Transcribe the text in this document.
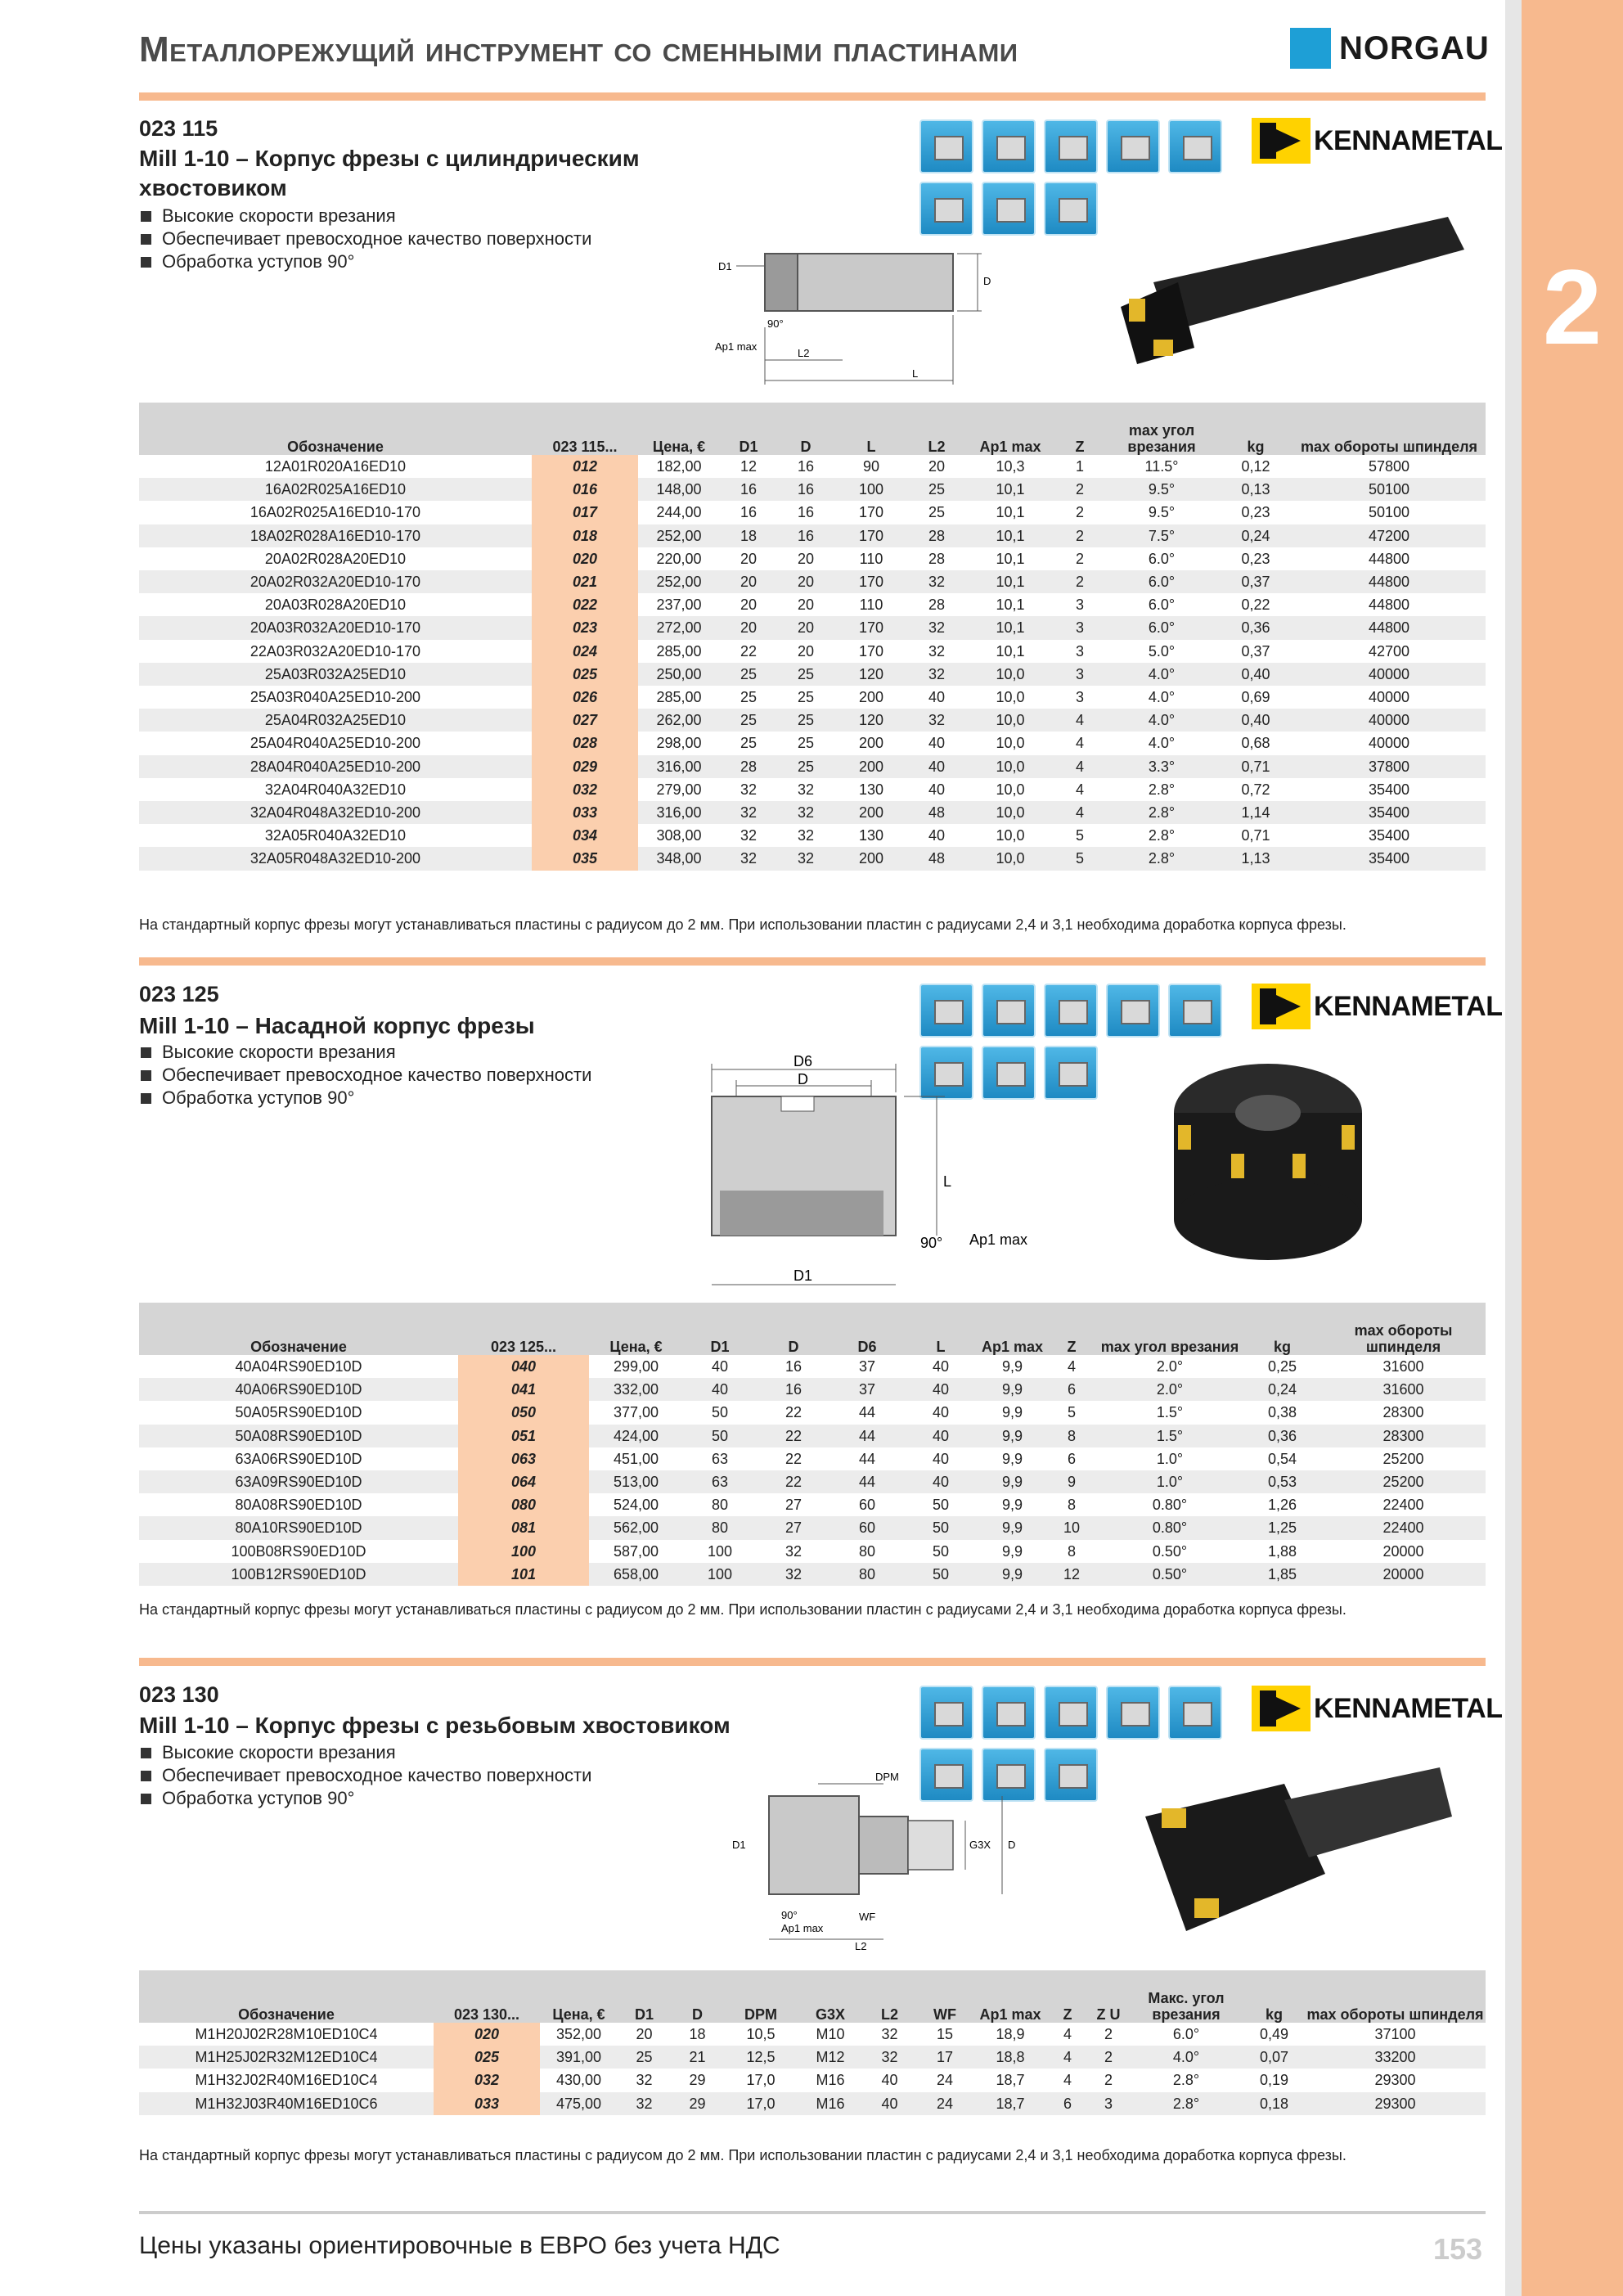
2
Металлорежущий инструмент со сменными пластинами	NORGAU
023 115
Mill 1-10 – Корпус фрезы с цилиндрическим хвостовиком
Высокие скорости врезания
Обеспечивает превосходное качество поверхности
Обработка уступов 90°
KENNAMETAL
D1
D
90°
Ap1 max
L2
L
Обозначение	023 115...	Цена, €	D1	D	L	L2	Ap1 max	Z	max угол врезания	kg	max обороты шпинделя
12A01R020A16ED10	012	182,00	12	16	90	20	10,3	1	11.5°	0,12	57800
16A02R025A16ED10	016	148,00	16	16	100	25	10,1	2	9.5°	0,13	50100
16A02R025A16ED10-170	017	244,00	16	16	170	25	10,1	2	9.5°	0,23	50100
18A02R028A16ED10-170	018	252,00	18	16	170	28	10,1	2	7.5°	0,24	47200
20A02R028A20ED10	020	220,00	20	20	110	28	10,1	2	6.0°	0,23	44800
20A02R032A20ED10-170	021	252,00	20	20	170	32	10,1	2	6.0°	0,37	44800
20A03R028A20ED10	022	237,00	20	20	110	28	10,1	3	6.0°	0,22	44800
20A03R032A20ED10-170	023	272,00	20	20	170	32	10,1	3	6.0°	0,36	44800
22A03R032A20ED10-170	024	285,00	22	20	170	32	10,1	3	5.0°	0,37	42700
25A03R032A25ED10	025	250,00	25	25	120	32	10,0	3	4.0°	0,40	40000
25A03R040A25ED10-200	026	285,00	25	25	200	40	10,0	3	4.0°	0,69	40000
25A04R032A25ED10	027	262,00	25	25	120	32	10,0	4	4.0°	0,40	40000
25A04R040A25ED10-200	028	298,00	25	25	200	40	10,0	4	4.0°	0,68	40000
28A04R040A25ED10-200	029	316,00	28	25	200	40	10,0	4	3.3°	0,71	37800
32A04R040A32ED10	032	279,00	32	32	130	40	10,0	4	2.8°	0,72	35400
32A04R048A32ED10-200	033	316,00	32	32	200	48	10,0	4	2.8°	1,14	35400
32A05R040A32ED10	034	308,00	32	32	130	40	10,0	5	2.8°	0,71	35400
32A05R048A32ED10-200	035	348,00	32	32	200	48	10,0	5	2.8°	1,13	35400
На стандартный корпус фрезы могут устанавливаться пластины с радиусом до 2 мм. При использовании пластин с радиусами 2,4 и 3,1 необходима доработка корпуса фрезы.
023 125
Mill 1-10 – Насадной корпус фрезы
Высокие скорости врезания
Обеспечивает превосходное качество поверхности
Обработка уступов 90°
KENNAMETAL
D6
D
L
90° Ap1 max
D1
Обозначение	023 125...	Цена, €	D1	D	D6	L	Ap1 max	Z	max угол врезания	kg	max обороты шпинделя
40A04RS90ED10D	040	299,00	40	16	37	40	9,9	4	2.0°	0,25	31600
40A06RS90ED10D	041	332,00	40	16	37	40	9,9	6	2.0°	0,24	31600
50A05RS90ED10D	050	377,00	50	22	44	40	9,9	5	1.5°	0,38	28300
50A08RS90ED10D	051	424,00	50	22	44	40	9,9	8	1.5°	0,36	28300
63A06RS90ED10D	063	451,00	63	22	44	40	9,9	6	1.0°	0,54	25200
63A09RS90ED10D	064	513,00	63	22	44	40	9,9	9	1.0°	0,53	25200
80A08RS90ED10D	080	524,00	80	27	60	50	9,9	8	0.80°	1,26	22400
80A10RS90ED10D	081	562,00	80	27	60	50	9,9	10	0.80°	1,25	22400
100B08RS90ED10D	100	587,00	100	32	80	50	9,9	8	0.50°	1,88	20000
100B12RS90ED10D	101	658,00	100	32	80	50	9,9	12	0.50°	1,85	20000
На стандартный корпус фрезы могут устанавливаться пластины с радиусом до 2 мм. При использовании пластин с радиусами 2,4 и 3,1 необходима доработка корпуса фрезы.
023 130
Mill 1-10 – Корпус фрезы с резьбовым хвостовиком
Высокие скорости врезания
Обеспечивает превосходное качество поверхности
Обработка уступов 90°
KENNAMETAL
DPM
D1	G3X D
90°	WF
Ap1 max
L2
Обозначение	023 130...	Цена, €	D1	D	DPM	G3X	L2	WF	Ap1 max	Z	Z U	Макс. угол врезания	kg	max обороты шпинделя
M1H20J02R28M10ED10C4	020	352,00	20	18	10,5	M10	32	15	18,9	4	2	6.0°	0,49	37100
M1H25J02R32M12ED10C4	025	391,00	25	21	12,5	M12	32	17	18,8	4	2	4.0°	0,07	33200
M1H32J02R40M16ED10C4	032	430,00	32	29	17,0	M16	40	24	18,7	4	2	2.8°	0,19	29300
M1H32J03R40M16ED10C6	033	475,00	32	29	17,0	M16	40	24	18,7	6	3	2.8°	0,18	29300
На стандартный корпус фрезы могут устанавливаться пластины с радиусом до 2 мм. При использовании пластин с радиусами 2,4 и 3,1 необходима доработка корпуса фрезы.
Цены указаны ориентировочные в ЕВРО без учета НДС	153
